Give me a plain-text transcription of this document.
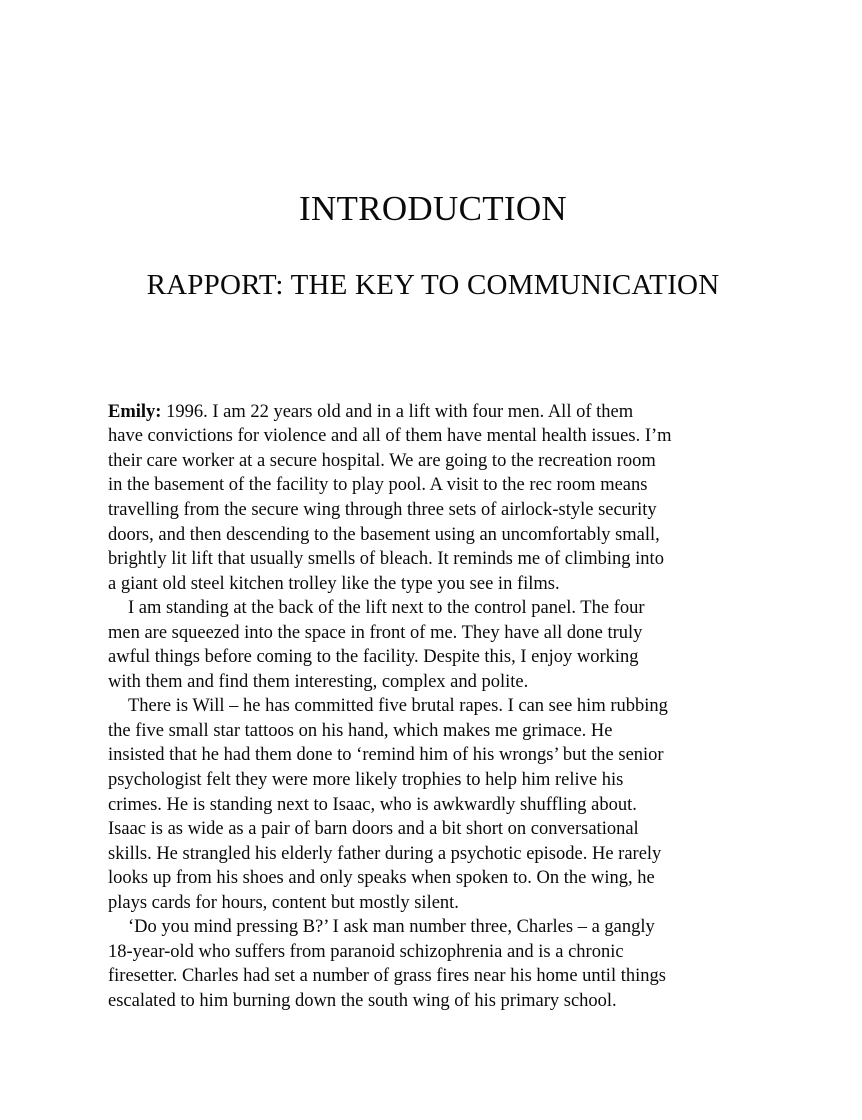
INTRODUCTION
RAPPORT: THE KEY TO COMMUNICATION
Emily: 1996. I am 22 years old and in a lift with four men. All of them
have convictions for violence and all of them have mental health issues. I’m
their care worker at a secure hospital. We are going to the recreation room
in the basement of the facility to play pool. A visit to the rec room means
travelling from the secure wing through three sets of airlock-style security
doors, and then descending to the basement using an uncomfortably small,
brightly lit lift that usually smells of bleach. It reminds me of climbing into
a giant old steel kitchen trolley like the type you see in films.
I am standing at the back of the lift next to the control panel. The four
men are squeezed into the space in front of me. They have all done truly
awful things before coming to the facility. Despite this, I enjoy working
with them and find them interesting, complex and polite.
There is Will – he has committed five brutal rapes. I can see him rubbing
the five small star tattoos on his hand, which makes me grimace. He
insisted that he had them done to ‘remind him of his wrongs’ but the senior
psychologist felt they were more likely trophies to help him relive his
crimes. He is standing next to Isaac, who is awkwardly shuffling about.
Isaac is as wide as a pair of barn doors and a bit short on conversational
skills. He strangled his elderly father during a psychotic episode. He rarely
looks up from his shoes and only speaks when spoken to. On the wing, he
plays cards for hours, content but mostly silent.
‘Do you mind pressing B?’ I ask man number three, Charles – a gangly
18-year-old who suffers from paranoid schizophrenia and is a chronic
firesetter. Charles had set a number of grass fires near his home until things
escalated to him burning down the south wing of his primary school.
